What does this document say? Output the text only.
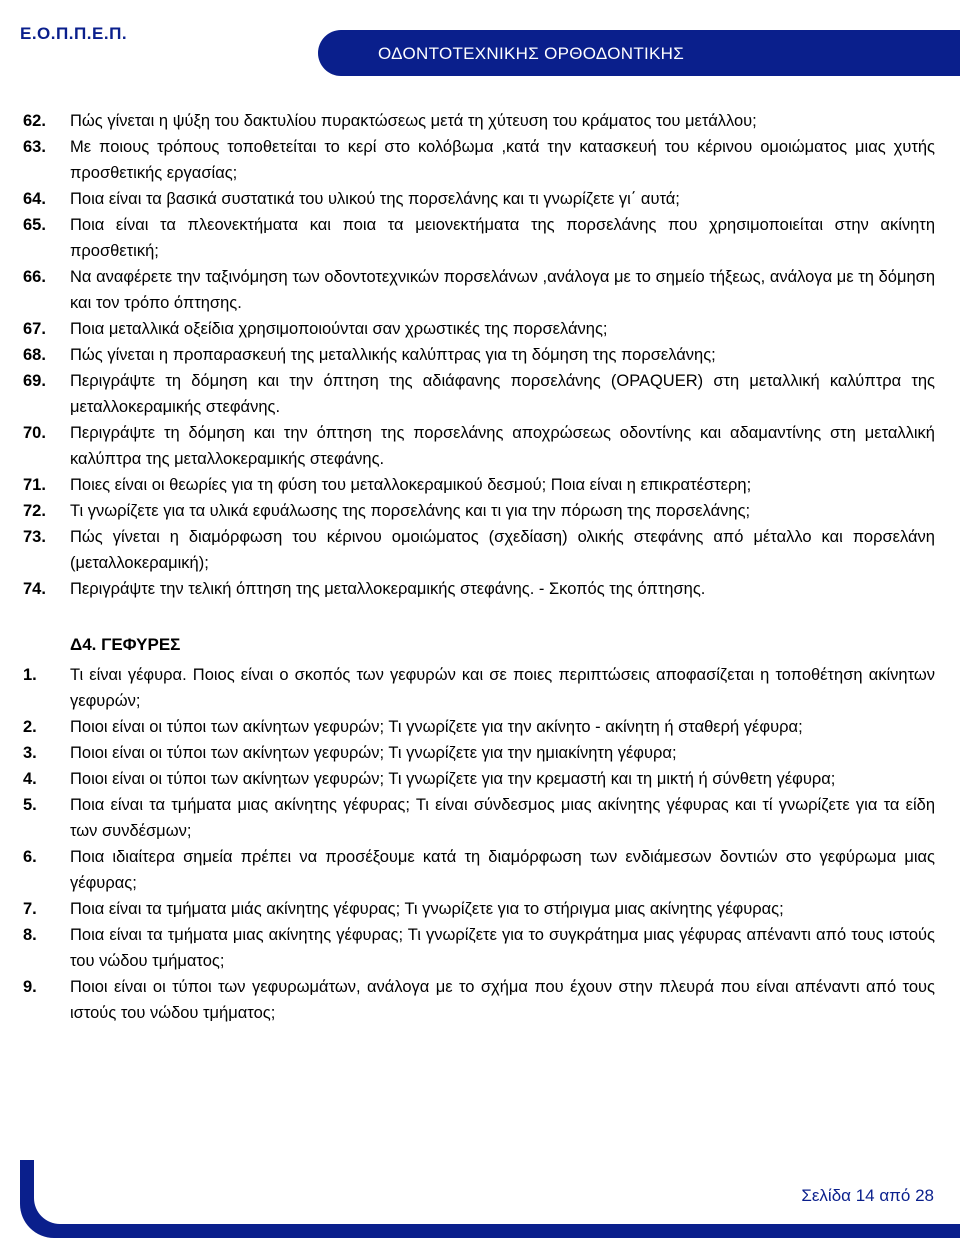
Ε.Ο.Π.Π.Ε.Π.
ΟΔΟΝΤΟΤΕΧΝΙΚΗΣ ΟΡΘΟΔΟΝΤΙΚΗΣ
62.	Πώς γίνεται η ψύξη του δακτυλίου πυρακτώσεως μετά τη χύτευση του κράματος του μετάλλου;
63.	Με ποιους τρόπους τοποθετείται το κερί στο κολόβωμα ,κατά την κατασκευή του κέρινου ομοιώματος μιας χυτής προσθετικής εργασίας;
64.	Ποια είναι τα βασικά συστατικά του υλικού της πορσελάνης και τι γνωρίζετε γι΄ αυτά;
65.	Ποια είναι τα πλεονεκτήματα και ποια τα μειονεκτήματα της πορσελάνης που χρησιμοποιείται στην ακίνητη προσθετική;
66.	Να αναφέρετε την ταξινόμηση των οδοντοτεχνικών πορσελάνων ,ανάλογα με το σημείο τήξεως, ανάλογα με τη δόμηση και τον τρόπο όπτησης.
67.	Ποια μεταλλικά οξείδια χρησιμοποιούνται σαν χρωστικές της πορσελάνης;
68.	Πώς γίνεται η προπαρασκευή της μεταλλικής καλύπτρας για τη δόμηση της πορσελάνης;
69.	Περιγράψτε τη δόμηση και την όπτηση της αδιάφανης πορσελάνης (OPAQUER) στη μεταλλική καλύπτρα της μεταλλοκεραμικής στεφάνης.
70.	Περιγράψτε τη δόμηση και την όπτηση της πορσελάνης αποχρώσεως οδοντίνης και αδαμαντίνης στη μεταλλική καλύπτρα της μεταλλοκεραμικής στεφάνης.
71.	Ποιες είναι οι θεωρίες για τη φύση του μεταλλοκεραμικού δεσμού; Ποια είναι η επικρατέστερη;
72.	Τι γνωρίζετε για τα υλικά εφυάλωσης της πορσελάνης και τι για την πόρωση της πορσελάνης;
73.	Πώς γίνεται η διαμόρφωση του κέρινου ομοιώματος (σχεδίαση) ολικής στεφάνης από μέταλλο και πορσελάνη (μεταλλοκεραμική);
74.	Περιγράψτε την τελική όπτηση της μεταλλοκεραμικής στεφάνης. - Σκοπός της όπτησης.
Δ4. ΓΕΦΥΡΕΣ
1.	Τι είναι γέφυρα. Ποιος είναι ο σκοπός των γεφυρών και σε ποιες περιπτώσεις αποφασίζεται η τοποθέτηση ακίνητων γεφυρών;
2.	Ποιοι είναι οι τύποι των ακίνητων γεφυρών; Τι γνωρίζετε για την ακίνητο - ακίνητη ή σταθερή γέφυρα;
3.	Ποιοι είναι οι τύποι των ακίνητων γεφυρών; Τι γνωρίζετε για την ημιακίνητη γέφυρα;
4.	Ποιοι είναι οι τύποι των ακίνητων γεφυρών; Τι γνωρίζετε για την κρεμαστή και τη μικτή ή σύνθετη γέφυρα;
5.	Ποια είναι τα τμήματα μιας ακίνητης γέφυρας; Τι είναι σύνδεσμος μιας ακίνητης γέφυρας και τί γνωρίζετε για τα είδη των συνδέσμων;
6.	Ποια ιδιαίτερα σημεία πρέπει να προσέξουμε κατά τη διαμόρφωση των ενδιάμεσων δοντιών στο γεφύρωμα μιας γέφυρας;
7.	Ποια είναι τα τμήματα μιάς ακίνητης γέφυρας; Τι γνωρίζετε για το στήριγμα μιας ακίνητης γέφυρας;
8.	Ποια είναι τα τμήματα μιας ακίνητης γέφυρας; Τι γνωρίζετε για το συγκράτημα μιας γέφυρας απέναντι από τους ιστούς του νώδου τμήματος;
9.	Ποιοι είναι οι τύποι των γεφυρωμάτων, ανάλογα με το σχήμα που έχουν στην πλευρά που είναι απέναντι από τους ιστούς του νώδου τμήματος;
Σελίδα 14 από 28
